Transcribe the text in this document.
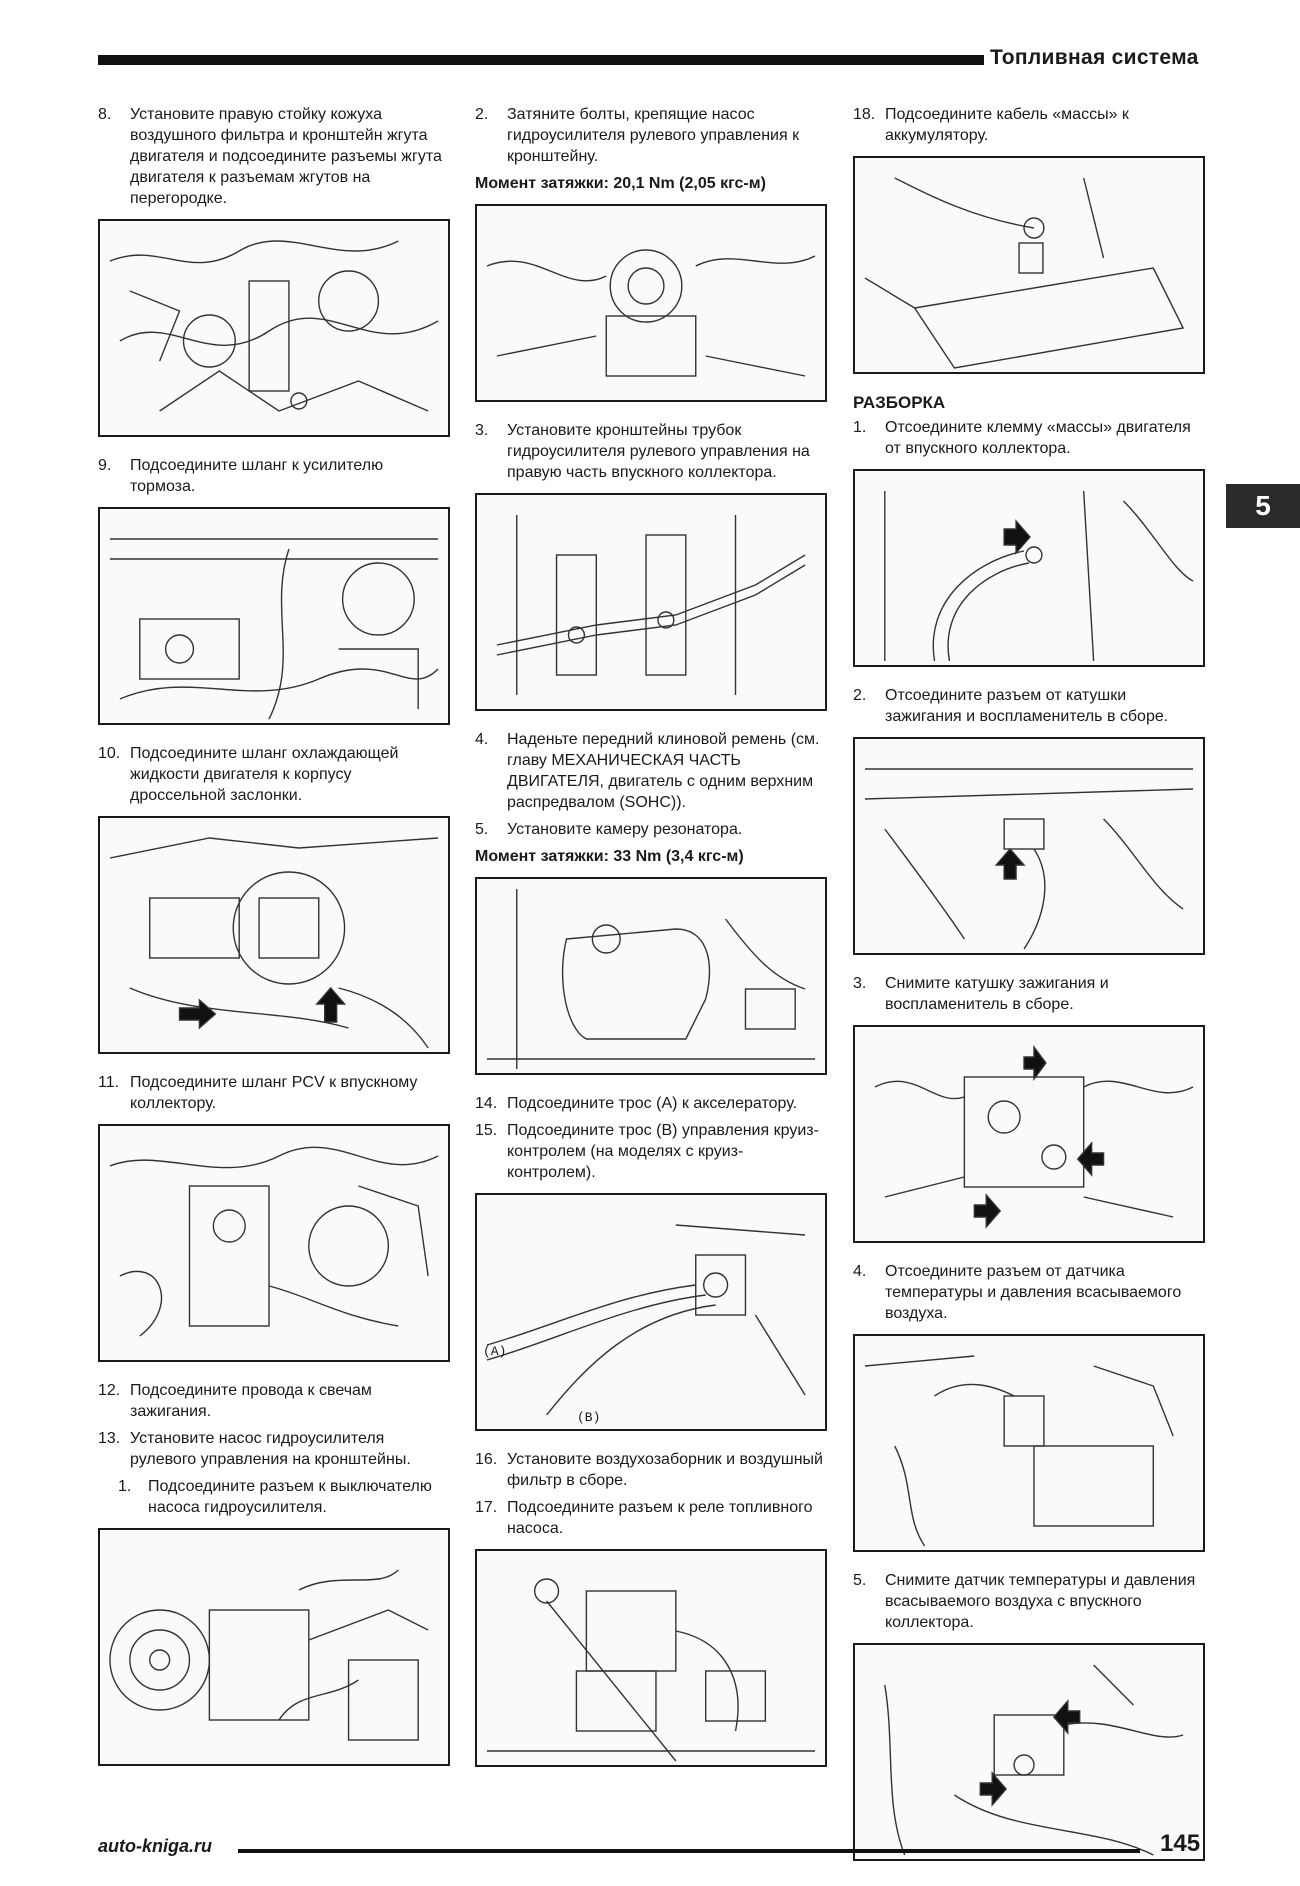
Топливная система
5
8.	Установите правую стойку кожуха воздушного фильтра и кронштейн жгута двигателя и подсоедините разъемы жгута двигателя к разъемам жгутов на перегородке.
9.	Подсоедините шланг к усилителю тормоза.
10. Подсоедините шланг охлаждающей жидкости двигателя к корпусу дроссельной заслонки.
11. Подсоедините шланг PCV к впускному коллектору.
12. Подсоедините провода к свечам зажигания.
13. Установите насос гидроусилителя рулевого управления на кронштейны.
1.	Подсоедините разъем к выключателю насоса гидроусилителя.
2.	Затяните болты, крепящие насос гидроусилителя рулевого управления к кронштейну.
Момент затяжки: 20,1 Nm (2,05 кгс-м)
3.	Установите кронштейны трубок гидроусилителя рулевого управления на правую часть впускного коллектора.
4.	Наденьте передний клиновой ремень (см. главу МЕХАНИЧЕСКАЯ ЧАСТЬ ДВИГАТЕЛЯ, двигатель с одним верхним распредвалом (SOHC)).
5.	Установите камеру резонатора.
Момент затяжки: 33 Nm (3,4 кгс-м)
14. Подсоедините трос (A) к акселератору.
15. Подсоедините трос (B) управления круиз-контролем (на моделях с круиз-контролем).
(A)
(B)
16. Установите воздухозаборник и воздушный фильтр в сборе.
17. Подсоедините разъем к реле топливного насоса.
18. Подсоедините кабель «массы» к аккумулятору.
РАЗБОРКА
1.	Отсоедините клемму «массы» двигателя от впускного коллектора.
2.	Отсоедините разъем от катушки зажигания и воспламенитель в сборе.
3.	Снимите катушку зажигания и воспламенитель в сборе.
4.	Отсоедините разъем от датчика температуры и давления всасываемого воздуха.
5.	Снимите датчик температуры и давления всасываемого воздуха с впускного коллектора.
auto-kniga.ru	145
